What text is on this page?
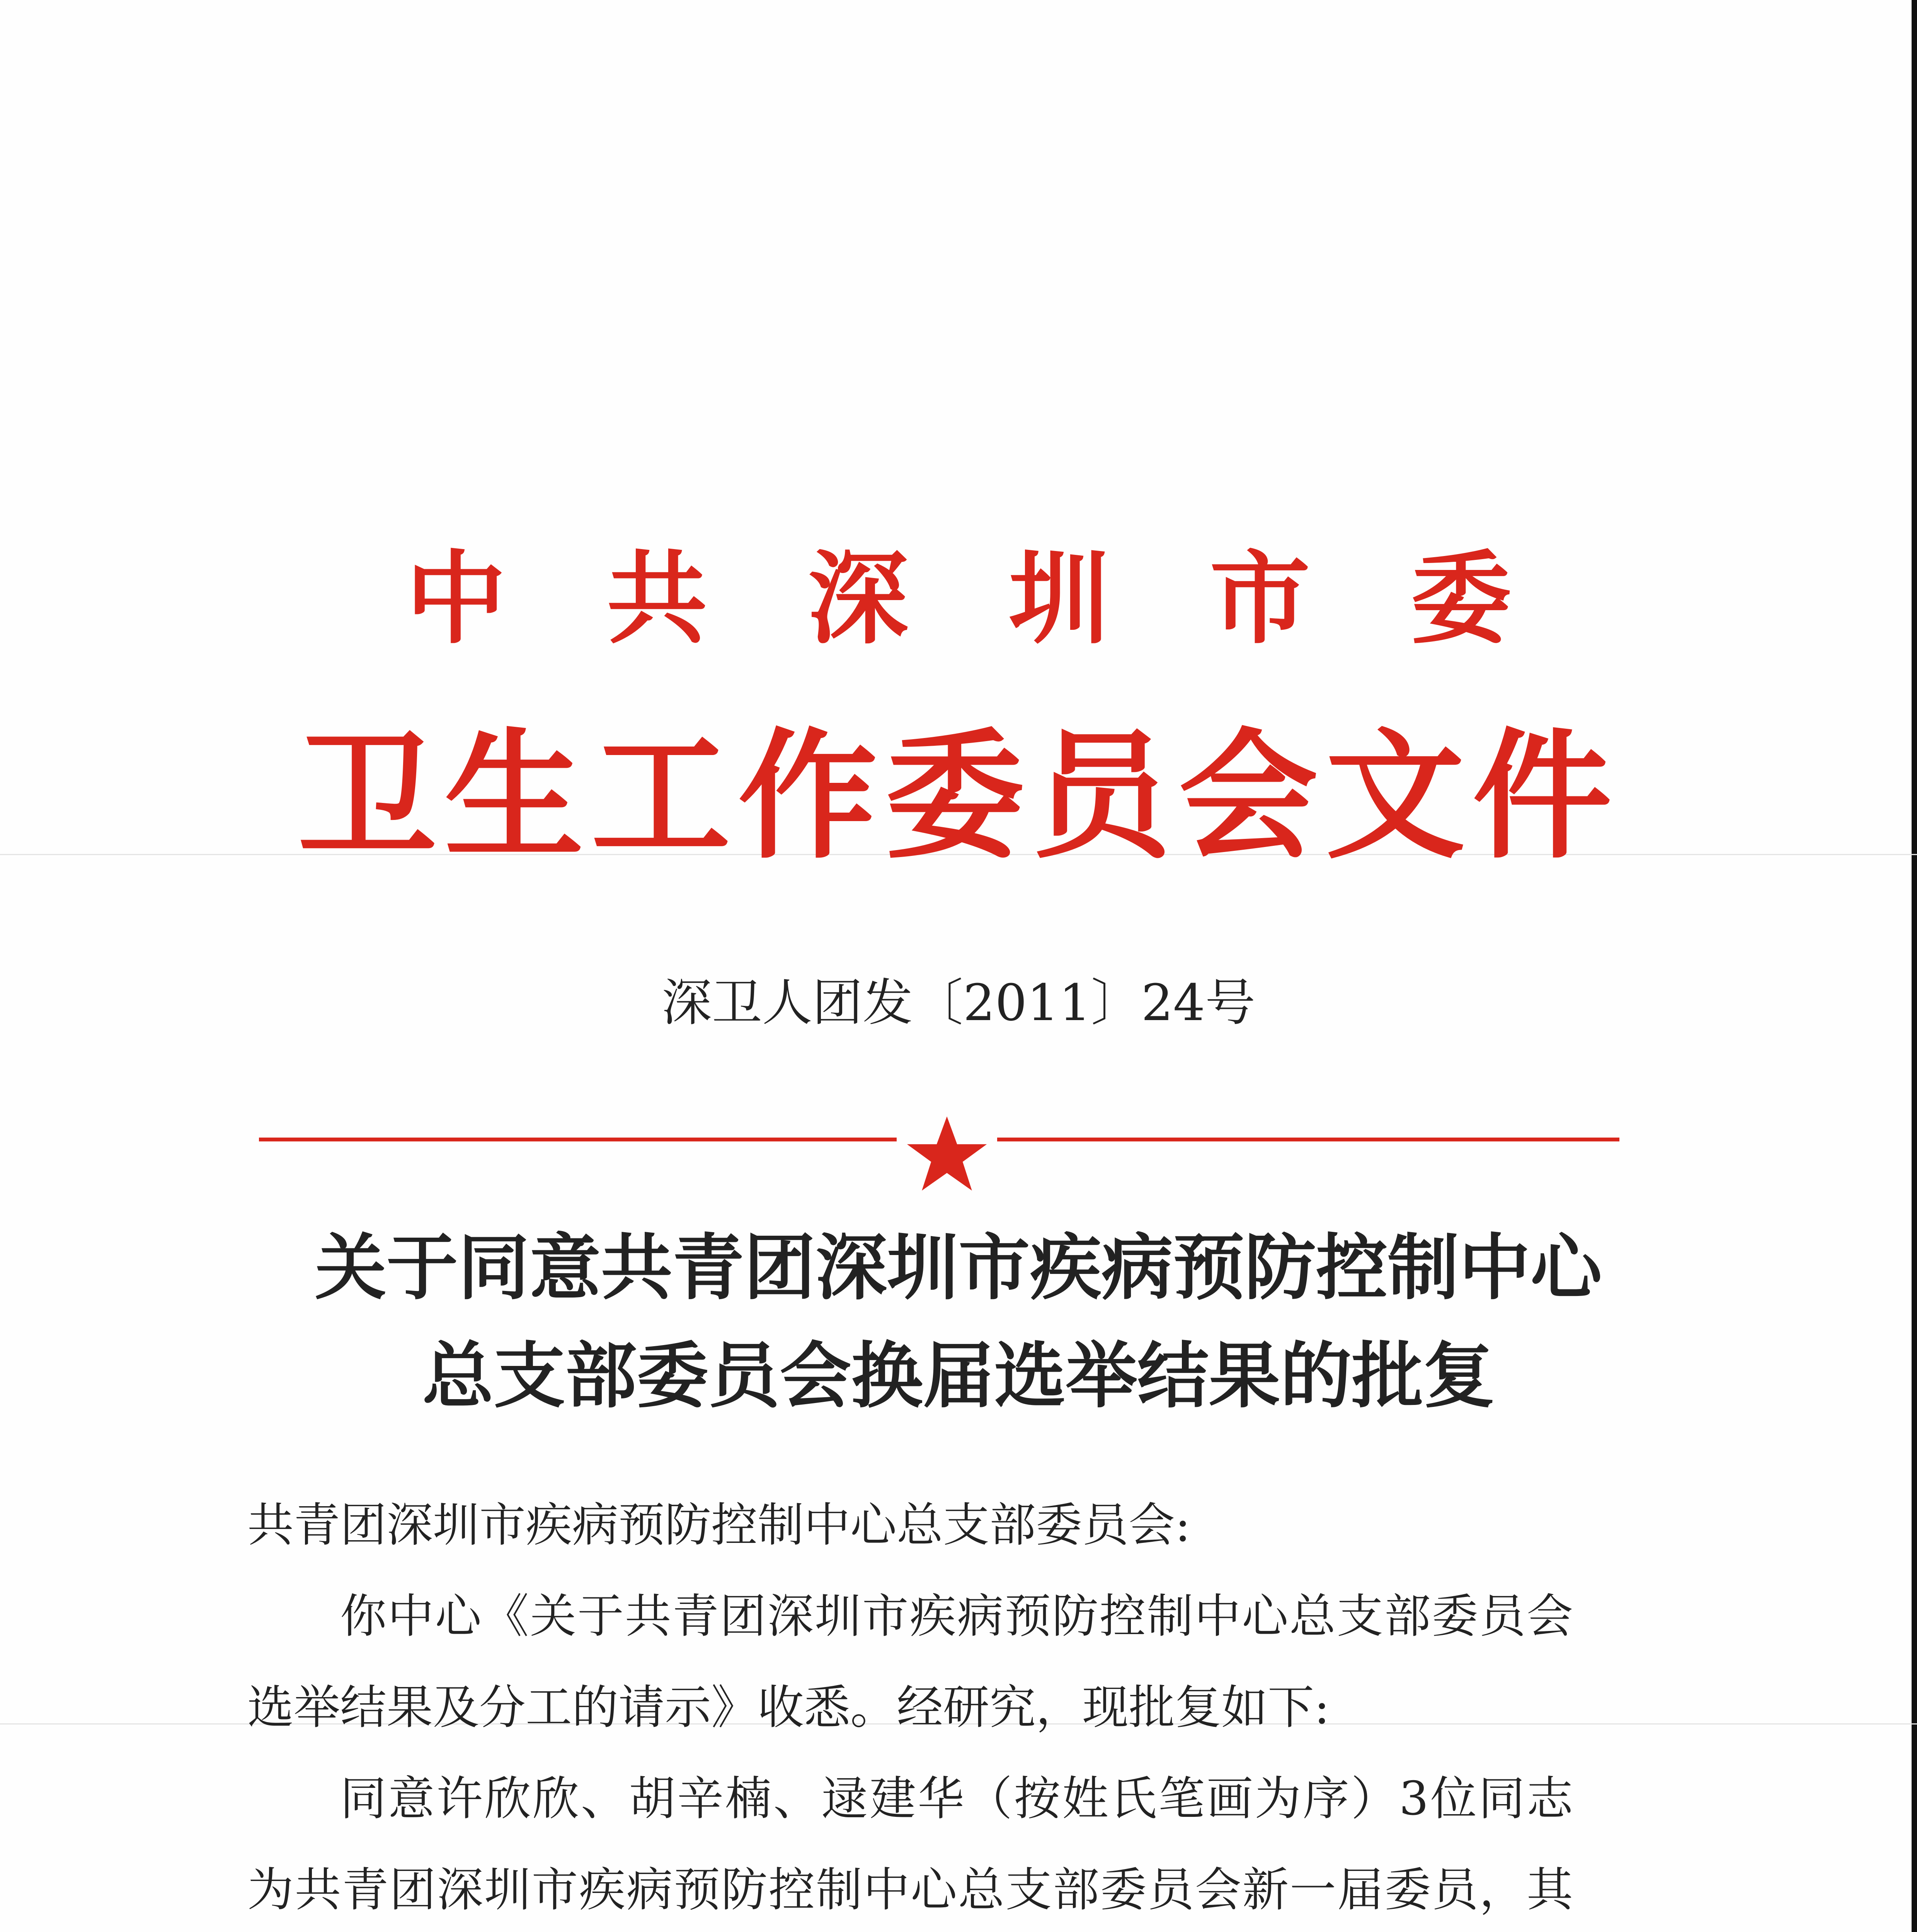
中共深圳市委
卫生工作委员会文件
深卫人团发〔2011〕24号
关于同意共青团深圳市疾病预防控制中心
总支部委员会换届选举结果的批复

共青团深圳市疾病预防控制中心总支部委员会:

你中心《关于共青团深圳市疾病预防控制中心总支部委员会选举结果及分工的请示》收悉。经研究，现批复如下:

同意许欣欣、胡辛楠、逯建华（按姓氏笔画为序）3位同志为共青团深圳市疾病预防控制中心总支部委员会新一届委员，其
